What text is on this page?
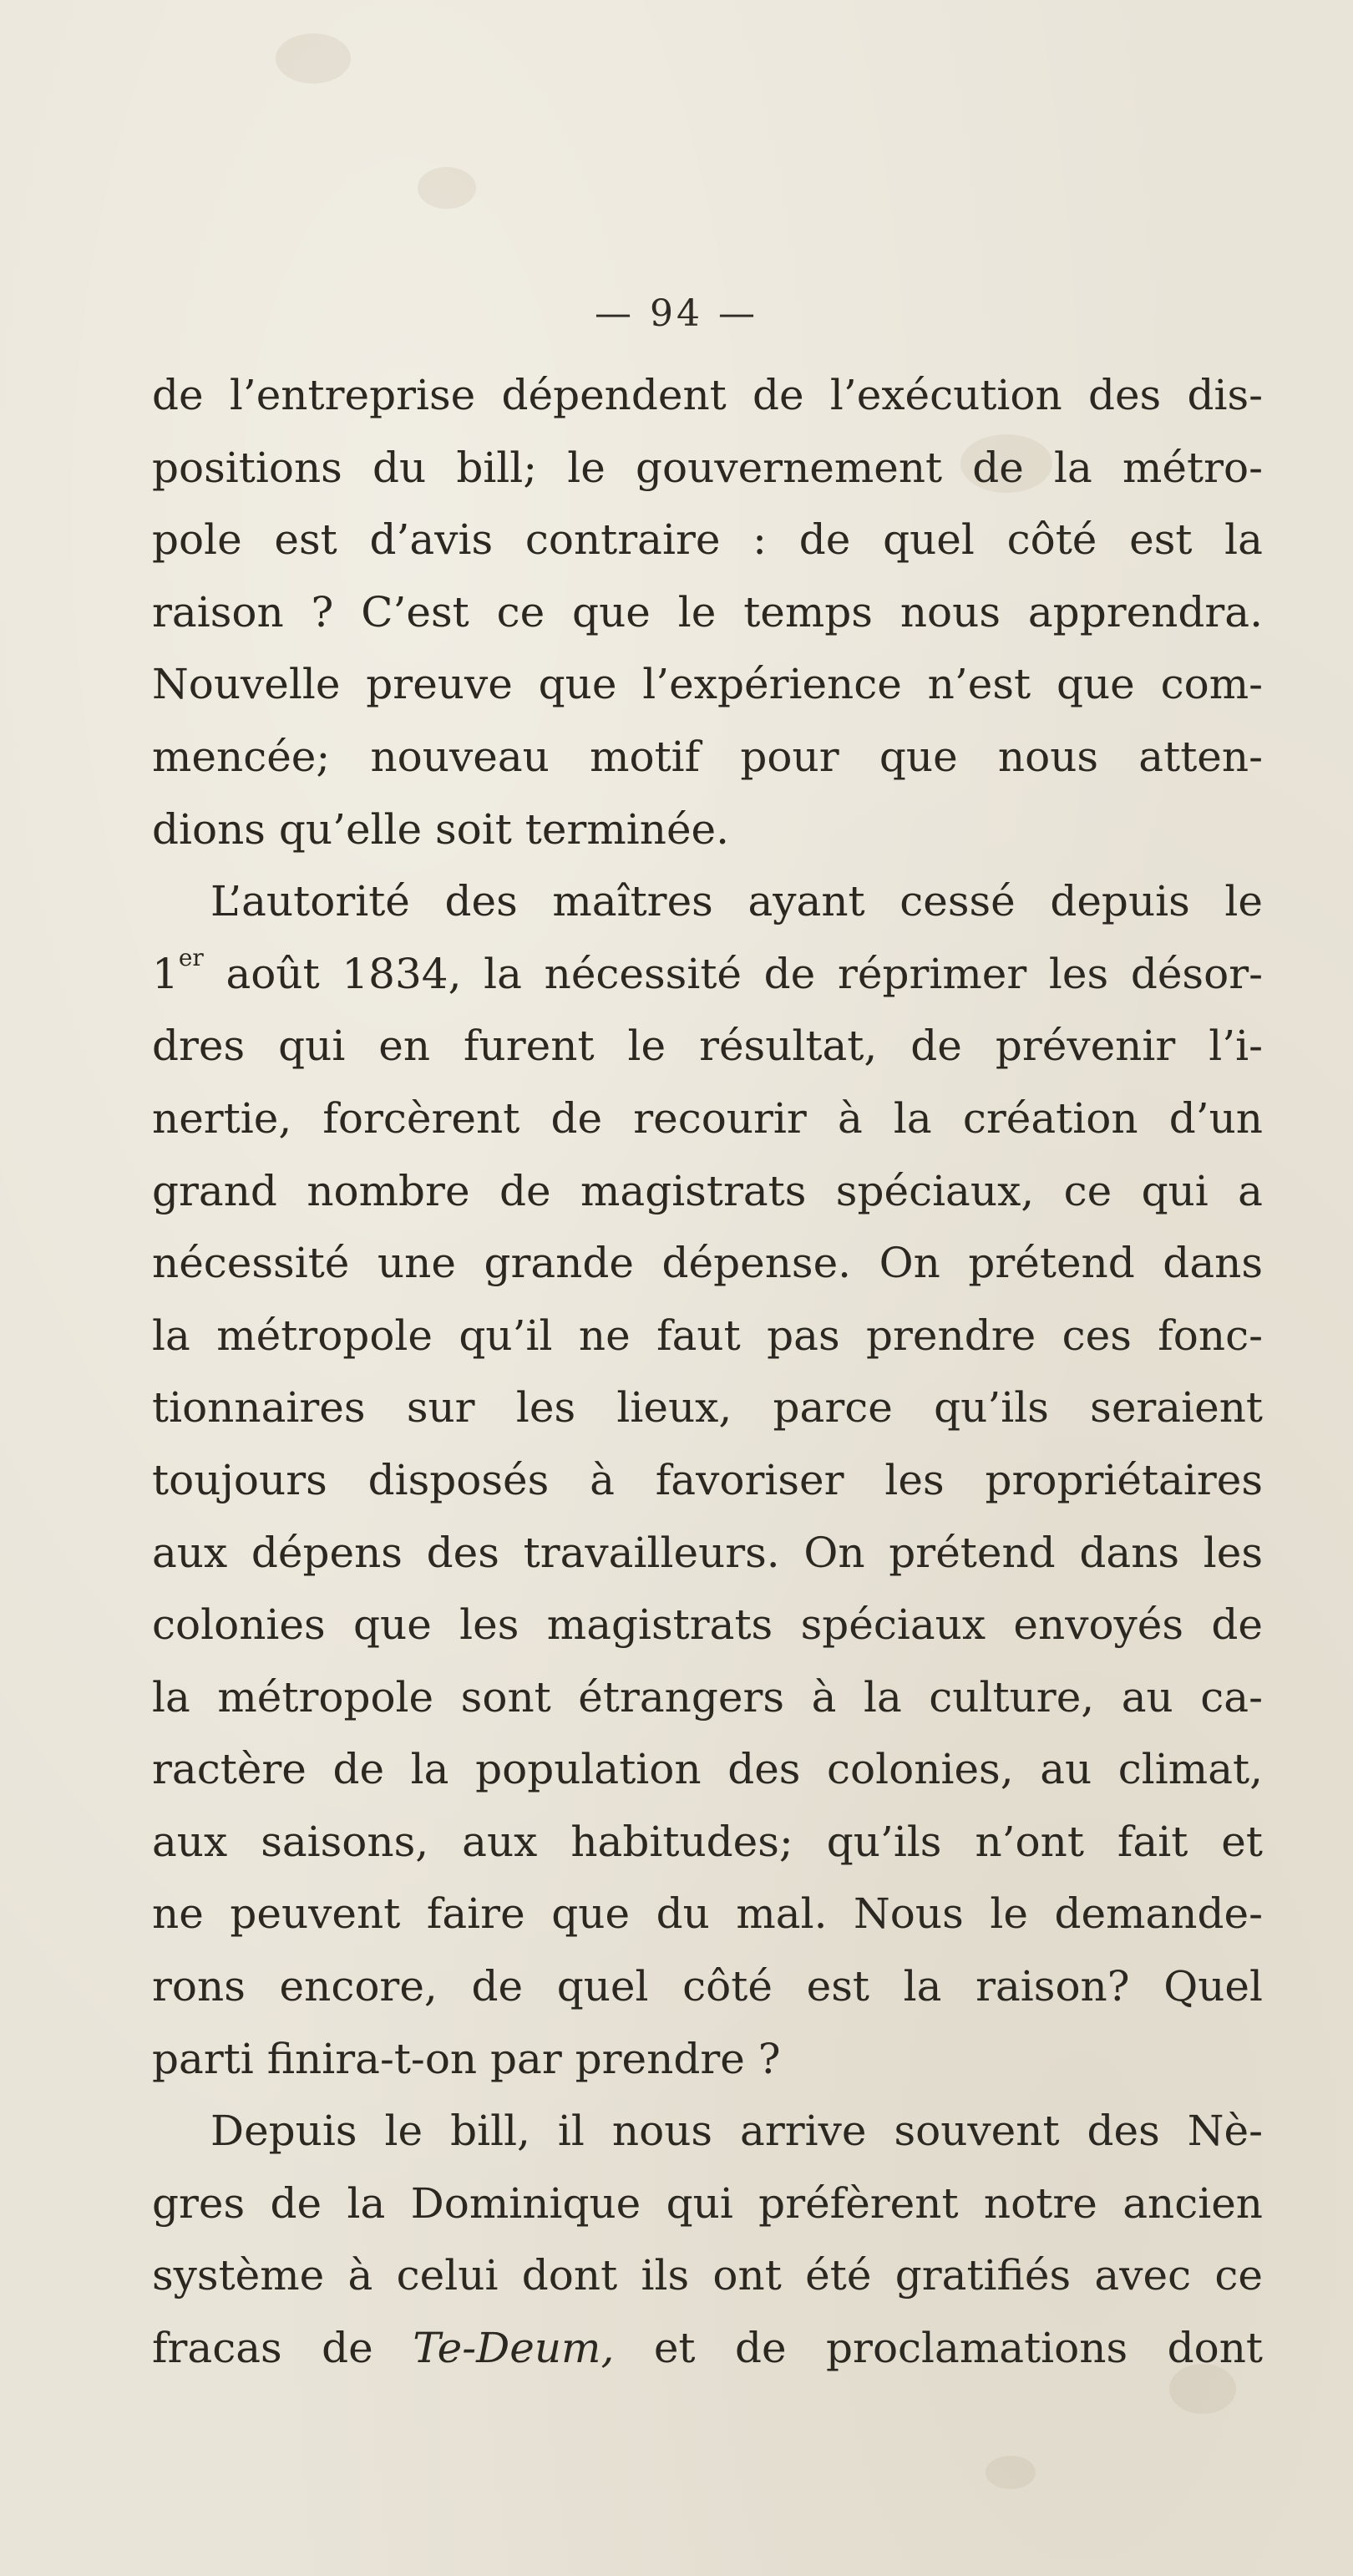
— 94 —
de l’entreprise dépendent de l’exécution des dis-
positions du bill; le gouvernement de la métro-
pole est d’avis contraire : de quel côté est la
raison ? C’est ce que le temps nous apprendra.
Nouvelle preuve que l’expérience n’est que com-
mencée; nouveau motif pour que nous atten-
dions qu’elle soit terminée.
L’autorité des maîtres ayant cessé depuis le
1er août 1834, la nécessité de réprimer les désor-
dres qui en furent le résultat, de prévenir l’i-
nertie, forcèrent de recourir à la création d’un
grand nombre de magistrats spéciaux, ce qui a
nécessité une grande dépense. On prétend dans
la métropole qu’il ne faut pas prendre ces fonc-
tionnaires sur les lieux, parce qu’ils seraient
toujours disposés à favoriser les propriétaires
aux dépens des travailleurs. On prétend dans les
colonies que les magistrats spéciaux envoyés de
la métropole sont étrangers à la culture, au ca-
ractère de la population des colonies, au climat,
aux saisons, aux habitudes; qu’ils n’ont fait et
ne peuvent faire que du mal. Nous le demande-
rons encore, de quel côté est la raison? Quel
parti finira-t-on par prendre ?
Depuis le bill, il nous arrive souvent des Nè-
gres de la Dominique qui préfèrent notre ancien
système à celui dont ils ont été gratifiés avec ce
fracas de Te-Deum, et de proclamations dont
